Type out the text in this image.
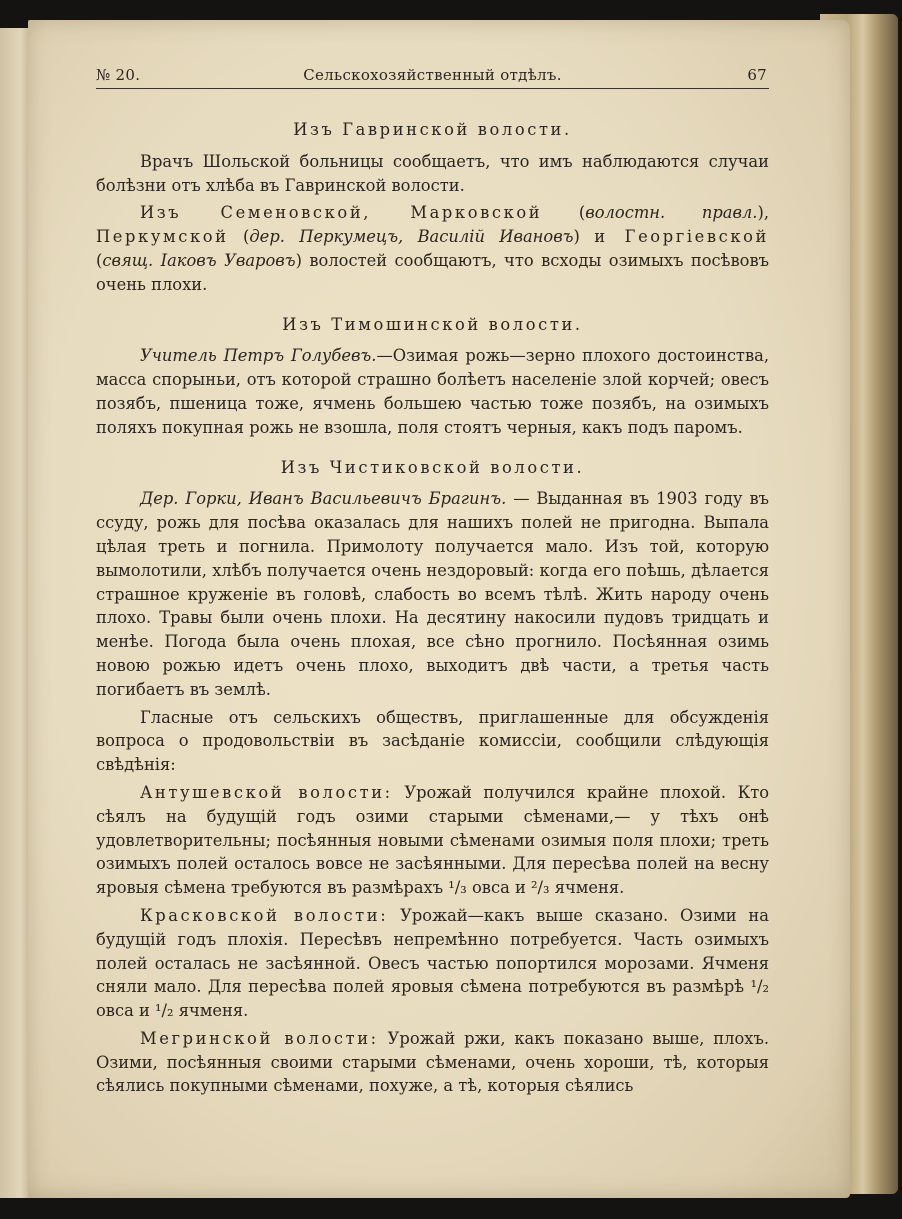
№ 20.	Сельскохозяйственный отдѣлъ.	67

Изъ Гавринской волости.

Врачъ Шольской больницы сообщаетъ, что имъ наблюдаются случаи болѣзни отъ хлѣба въ Гавринской волости.

Изъ Семеновской, Марковской (волостн. правл.), Перкумской (дер. Перкумецъ, Василій Ивановъ) и Георгіевской (свящ. Іаковъ Уваровъ) волостей сообщаютъ, что всходы озимыхъ посѣвовъ очень плохи.

Изъ Тимошинской волости.

Учитель Петръ Голубевъ.—Озимая рожь—зерно плохого достоинства, масса спорыньи, отъ которой страшно болѣетъ населеніе злой корчей; овесъ позябъ, пшеница тоже, ячмень большею частью тоже позябъ, на озимыхъ поляхъ покупная рожь не взошла, поля стоятъ черныя, какъ подъ паромъ.

Изъ Чистиковской волости.

Дер. Горки, Иванъ Васильевичъ Брагинъ. — Выданная въ 1903 году въ ссуду, рожь для посѣва оказалась для нашихъ полей не пригодна. Выпала цѣлая треть и погнила. Примолоту получается мало. Изъ той, которую вымолотили, хлѣбъ получается очень нездоровый: когда его поѣшь, дѣлается страшное круженіе въ головѣ, слабость во всемъ тѣлѣ. Жить народу очень плохо. Травы были очень плохи. На десятину накосили пудовъ тридцать и менѣе. Погода была очень плохая, все сѣно прогнило. Посѣянная озимь новою рожью идетъ очень плохо, выходитъ двѣ части, а третья часть погибаетъ въ землѣ.

Гласные отъ сельскихъ обществъ, приглашенные для обсужденія вопроса о продовольствіи въ засѣданіе комиссіи, сообщили слѣдующія свѣдѣнія:

Антушевской волости: Урожай получился крайне плохой. Кто сѣялъ на будущій годъ озими старыми сѣменами,— у тѣхъ онѣ удовлетворительны; посѣянныя новыми сѣменами озимыя поля плохи; треть озимыхъ полей осталось вовсе не засѣянными. Для пересѣва полей на весну яровыя сѣмена требуются въ размѣрахъ ¹/₃ овса и ²/₃ ячменя.

Красковской волости: Урожай—какъ выше сказано. Озими на будущій годъ плохія. Пересѣвъ непремѣнно потребуется. Часть озимыхъ полей осталась не засѣянной. Овесъ частью попортился морозами. Ячменя сняли мало. Для пересѣва полей яровыя сѣмена потребуются въ размѣрѣ ¹/₂ овса и ¹/₂ ячменя.

Мегринской волости: Урожай ржи, какъ показано выше, плохъ. Озими, посѣянныя своими старыми сѣменами, очень хороши, тѣ, которыя сѣялись покупными сѣменами, похуже, а тѣ, которыя сѣялись
